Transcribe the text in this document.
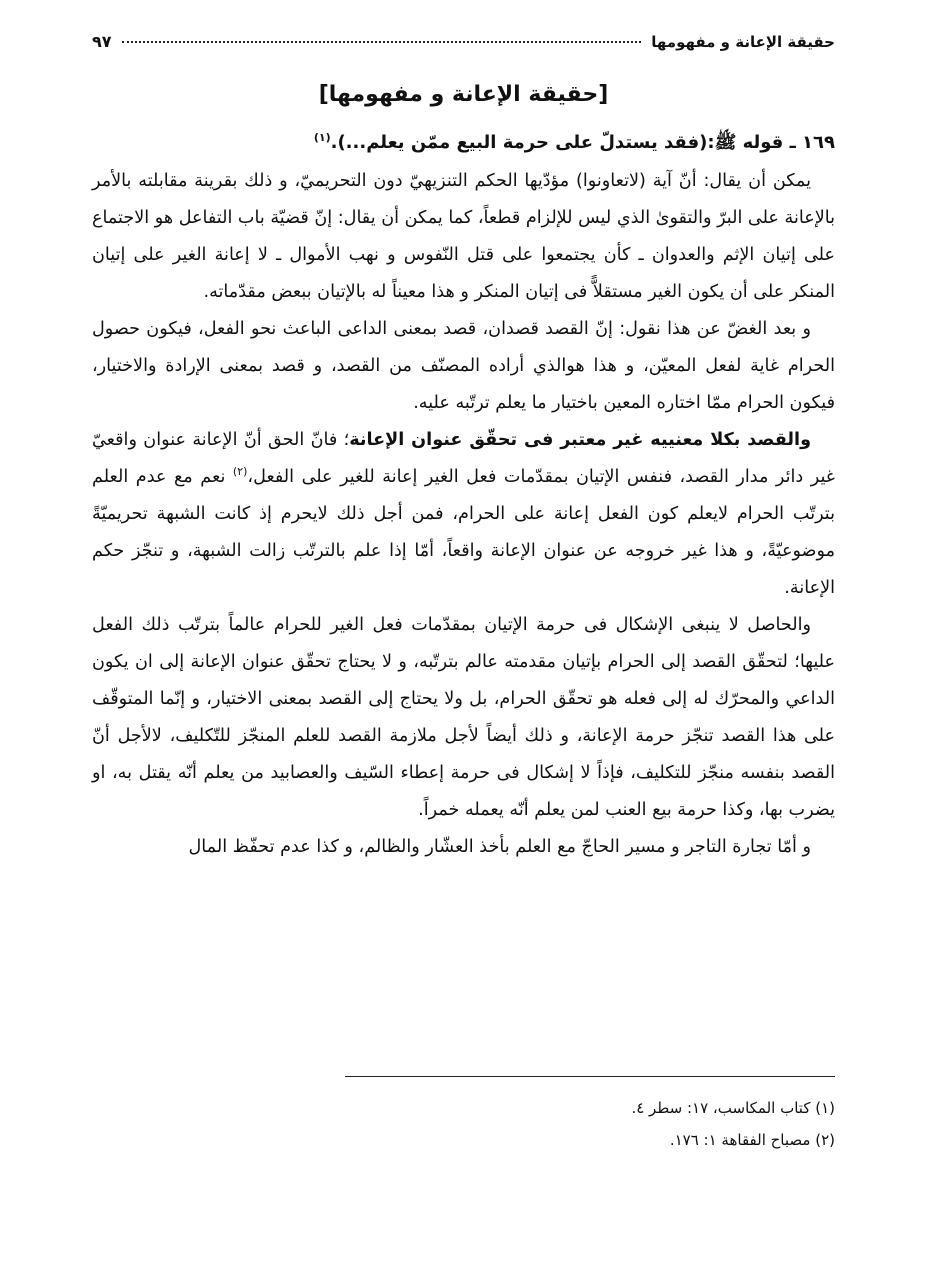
حقيقة الإعانة و مفهومها
٩٧
[حقيقة الإعانة و مفهومها]

١٦٩ ـ قوله ﷺ:(فقد يستدلّ على حرمة البيع ممّن يعلم...).$^{(١)}$

يمكن أن يقال: أنّ آية (لاتعاونوا) مؤدّيها الحكم التنزيهيّ دون التحريميّ، و ذلك بقرينة مقابلته بالأمر بالإعانة على البرّ والتقوىٰ الذي ليس للإلزام قطعاً، كما يمكن أن يقال: إنّ قضيّة باب التفاعل هو الاجتماع على إتيان الإثم والعدوان ـ كأن يجتمعوا على قتل النّفوس و نهب الأموال ـ لا إعانة الغير على إتيان المنكر على أن يكون الغير مستقلاًّ فى إتيان المنكر و هذا معيناً له بالإتيان ببعض مقدّماته.

و بعد الغضّ عن هذا نقول: إنّ القصد قصدان، قصد بمعنى الداعى الباعث نحو الفعل، فيكون حصول الحرام غاية لفعل المعيّن، و هذا هوالذي أراده المصنّف من القصد، و قصد بمعنى الإرادة والاختيار، فيكون الحرام ممّا اختاره المعين باختيار ما يعلم ترتّبه عليه.

والقصد بكلا معنييه غير معتبر فى تحقّق عنوان الإعانة؛ فانّ الحق أنّ الإعانة عنوان واقعيّ غير دائر مدار القصد، فنفس الإتيان بمقدّمات فعل الغير إعانة للغير على الفعل،$^{(٢)}$ نعم مع عدم العلم بترتّب الحرام لايعلم كون الفعل إعانة على الحرام، فمن أجل ذلك لايحرم إذ كانت الشبهة تحريميّةً موضوعيّةً، و هذا غير خروجه عن عنوان الإعانة واقعاً، أمّا إذا علم بالترتّب زالت الشبهة، و تنجّز حكم الإعانة.

والحاصل لا ينبغى الإشكال فى حرمة الإتيان بمقدّمات فعل الغير للحرام عالماً بترتّب ذلك الفعل عليها؛ لتحقّق القصد إلى الحرام بإتيان مقدمته عالم بترتّبه، و لا يحتاج تحقّق عنوان الإعانة إلى ان يكون الداعي والمحرّك له إلى فعله هو تحقّق الحرام، بل ولا يحتاج إلى القصد بمعنى الاختيار، و إنّما المتوقّف على هذا القصد تنجّز حرمة الإعانة، و ذلك أيضاً لأجل ملازمة القصد للعلم المنجّز للتّكليف، لالأجل أنّ القصد بنفسه منجّز للتكليف، فإذاً لا إشكال فى حرمة إعطاء السّيف والعصابيد من يعلم أنّه يقتل به، او يضرب بها، وكذا حرمة بيع العنب لمن يعلم أنّه يعمله خمراً.

و أمّا تجارة التاجر و مسير الحاجّ مع العلم بأخذ العشّار والظالم، و كذا عدم تحفّظ المال

(١) كتاب المكاسب، ١٧: سطر ٤.
(٢) مصباح الفقاهة ١: ١٧٦.
